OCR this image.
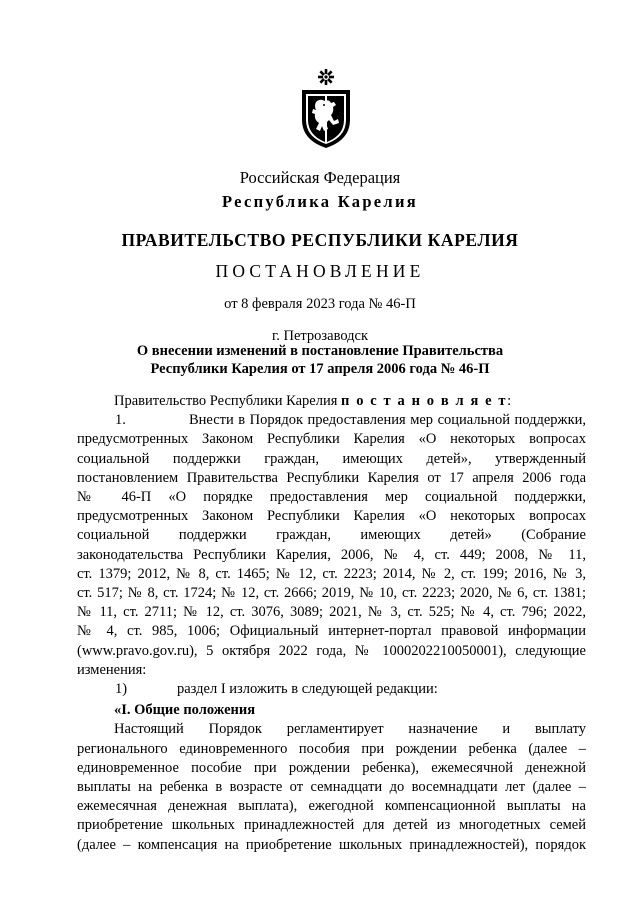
Российская Федерация
Республика Карелия
ПРАВИТЕЛЬСТВО РЕСПУБЛИКИ КАРЕЛИЯ
ПОСТАНОВЛЕНИЕ
от 8 февраля 2023 года № 46-П
г. Петрозаводск
О внесении изменений в постановление Правительства
Республики Карелия от 17 апреля 2006 года № 46-П
Правительство Республики Карелия п о с т а н о в л я е т:
1.	Внести в Порядок предоставления мер социальной поддержки,
предусмотренных Законом Республики Карелия «О некоторых вопросах
социальной поддержки граждан, имеющих детей», утвержденный
постановлением Правительства Республики Карелия от 17 апреля 2006 года
№ 46-П «О порядке предоставления мер социальной поддержки,
предусмотренных Законом Республики Карелия «О некоторых вопросах
социальной поддержки граждан, имеющих детей» (Собрание
законодательства Республики Карелия, 2006, № 4, ст. 449; 2008, № 11,
ст. 1379; 2012, № 8, ст. 1465; № 12, ст. 2223; 2014, № 2, ст. 199; 2016, № 3,
ст. 517; № 8, ст. 1724; № 12, ст. 2666; 2019, № 10, ст. 2223; 2020, № 6, ст. 1381;
№ 11, ст. 2711; № 12, ст. 3076, 3089; 2021, № 3, ст. 525; № 4, ст. 796; 2022,
№ 4, ст. 985, 1006; Официальный интернет-портал правовой информации
(www.pravo.gov.ru), 5 октября 2022 года, № 1000202210050001), следующие
изменения:
1)	раздел I изложить в следующей редакции:
«I. Общие положения
Настоящий Порядок регламентирует назначение и выплату
регионального единовременного пособия при рождении ребенка (далее –
единовременное пособие при рождении ребенка), ежемесячной денежной
выплаты на ребенка в возрасте от семнадцати до восемнадцати лет (далее –
ежемесячная денежная выплата), ежегодной компенсационной выплаты на
приобретение школьных принадлежностей для детей из многодетных семей
(далее – компенсация на приобретение школьных принадлежностей), порядок
